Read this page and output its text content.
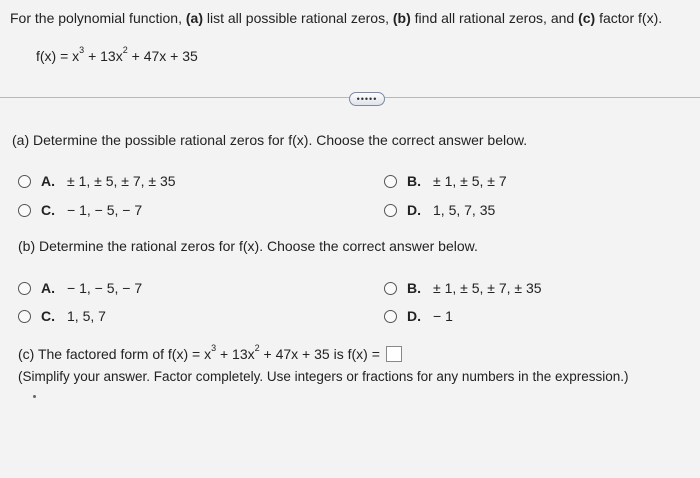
For the polynomial function, (a) list all possible rational zeros, (b) find all rational zeros, and (c) factor f(x).
$f(x) = x^3 + 13x^2 + 47x + 35$
•••••
(a) Determine the possible rational zeros for f(x). Choose the correct answer below.
A. ± 1, ± 5, ± 7, ± 35	B. ± 1, ± 5, ± 7
C. − 1, − 5, − 7	D. 1, 5, 7, 35
(b) Determine the rational zeros for f(x). Choose the correct answer below.
A. − 1, − 5, − 7	B. ± 1, ± 5, ± 7, ± 35
C. 1, 5, 7	D. − 1
(c) The factored form of $f(x) = x^3 + 13x^2 + 47x + 35$ is f(x) =
(Simplify your answer. Factor completely. Use integers or fractions for any numbers in the expression.)
